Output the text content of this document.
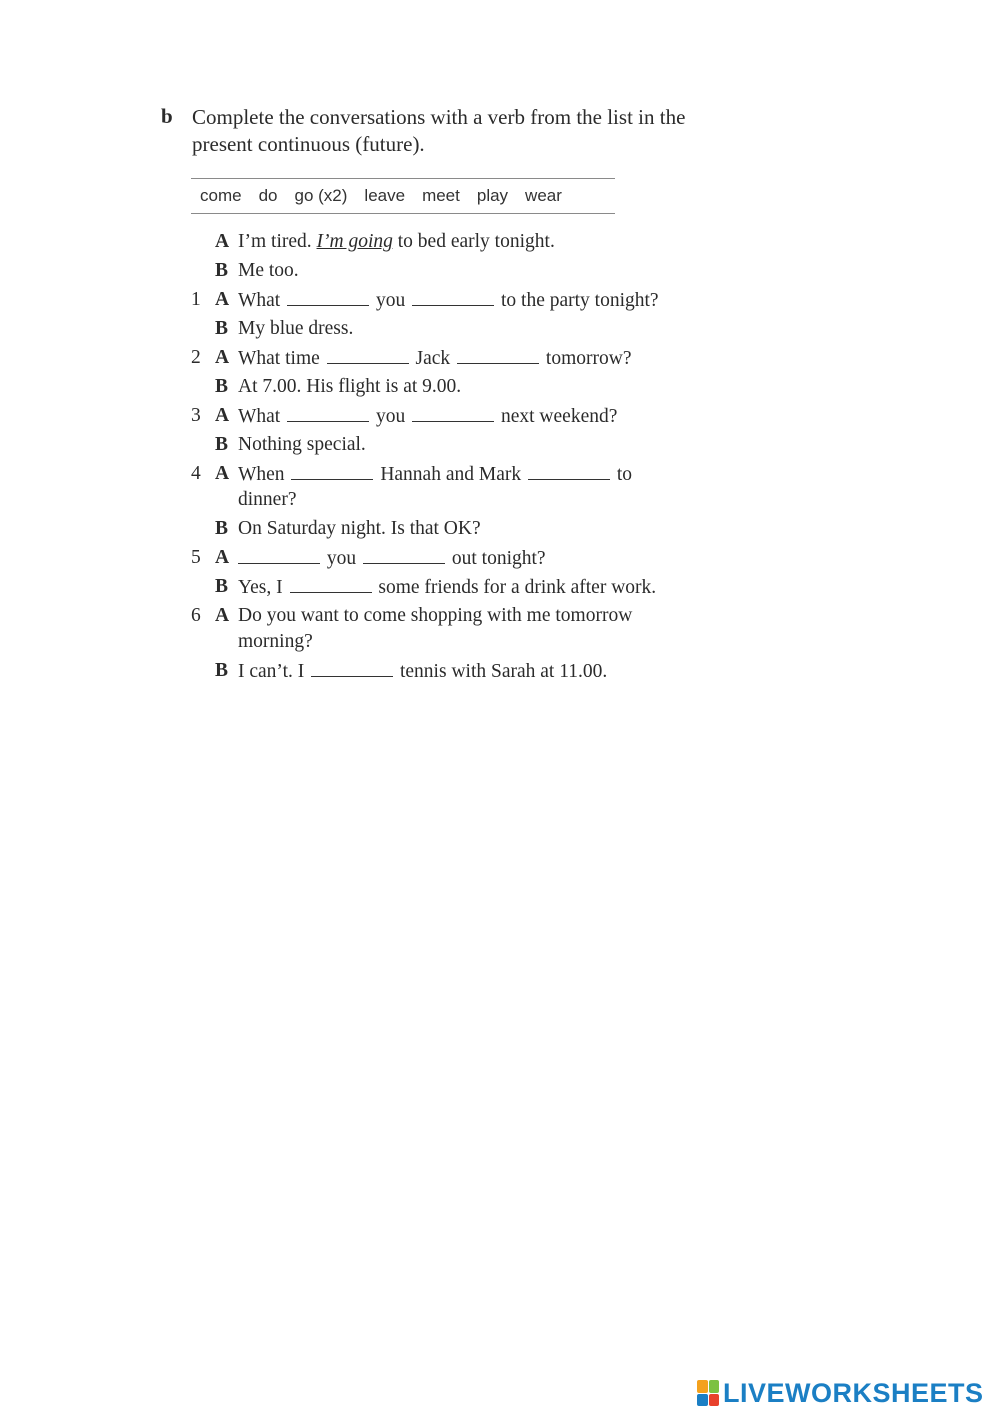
b Complete the conversations with a verb from the list in the present continuous (future).
come do go (x2) leave meet play wear
A I’m tired. I’m going to bed early tonight.
B Me too.
1 A What	you	to the party tonight?
B My blue dress.
2 A What time	Jack	tomorrow?
B At 7.00. His flight is at 9.00.
3 A What	you	next weekend?
B Nothing special.
4 A When	Hannah and Mark	to
dinner?
B On Saturday night. Is that OK?
5 A	you	out tonight?
B Yes, I	some friends for a drink after work.
6 A Do you want to come shopping with me tomorrow
morning?
B I can’t. I	tennis with Sarah at 11.00.
LIVEWORKSHEETS
